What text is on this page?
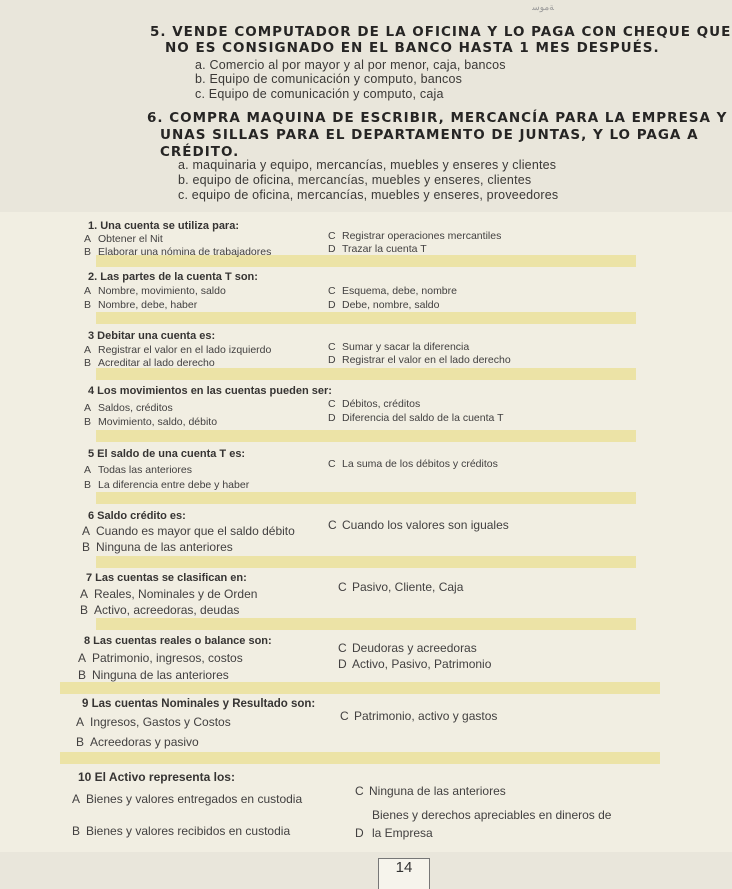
ﺔﻣﻮﺳ
5. VENDE COMPUTADOR DE LA OFICINA Y LO PAGA CON CHEQUE QUE
NO ES CONSIGNADO EN EL BANCO HASTA 1 MES DESPUÉS.
a. Comercio al por mayor y al por menor, caja, bancos
b. Equipo de comunicación y computo, bancos
c. Equipo de comunicación y computo, caja
6. COMPRA MAQUINA DE ESCRIBIR, MERCANCÍA PARA LA EMPRESA Y
UNAS SILLAS PARA EL DEPARTAMENTO DE JUNTAS, Y LO PAGA A
CRÉDITO.
a. maquinaria y equipo, mercancías, muebles y enseres y clientes
b. equipo de oficina, mercancías, muebles y enseres, clientes
c. equipo de oficina, mercancías, muebles y enseres, proveedores
1. Una cuenta se utiliza para:
A Obtener el Nit
B Elaborar una nómina de trabajadores
C Registrar operaciones mercantiles
D Trazar la cuenta T
2. Las partes de la cuenta T son:
A Nombre, movimiento, saldo
B Nombre, debe, haber
C Esquema, debe, nombre
D Debe, nombre, saldo
3 Debitar una cuenta es:
A Registrar el valor en el lado izquierdo
B Acreditar al lado derecho
C Sumar y sacar la diferencia
D Registrar el valor en el lado derecho
4 Los movimientos en las cuentas pueden ser:
A Saldos, créditos
B Movimiento, saldo, débito
C Débitos, créditos
D Diferencia del saldo de la cuenta T
5 El saldo de una cuenta T es:
A Todas las anteriores
B La diferencia entre debe y haber
C La suma de los débitos y créditos
6 Saldo crédito es:
A Cuando es mayor que el saldo débito
B Ninguna de las anteriores
C Cuando los valores son iguales
7 Las cuentas se clasifican en:
A Reales, Nominales y de Orden
B Activo, acreedoras, deudas
C Pasivo, Cliente, Caja
8 Las cuentas reales o balance son:
A Patrimonio, ingresos, costos
B Ninguna de las anteriores
C Deudoras y acreedoras
D Activo, Pasivo, Patrimonio
9 Las cuentas Nominales y Resultado son:
A Ingresos, Gastos y Costos
B Acreedoras y pasivo
C Patrimonio, activo y gastos
10 El Activo representa los:
A Bienes y valores entregados en custodia
B Bienes y valores recibidos en custodia
C Ninguna de las anteriores
D
Bienes y derechos apreciables en dineros de
la Empresa
14
